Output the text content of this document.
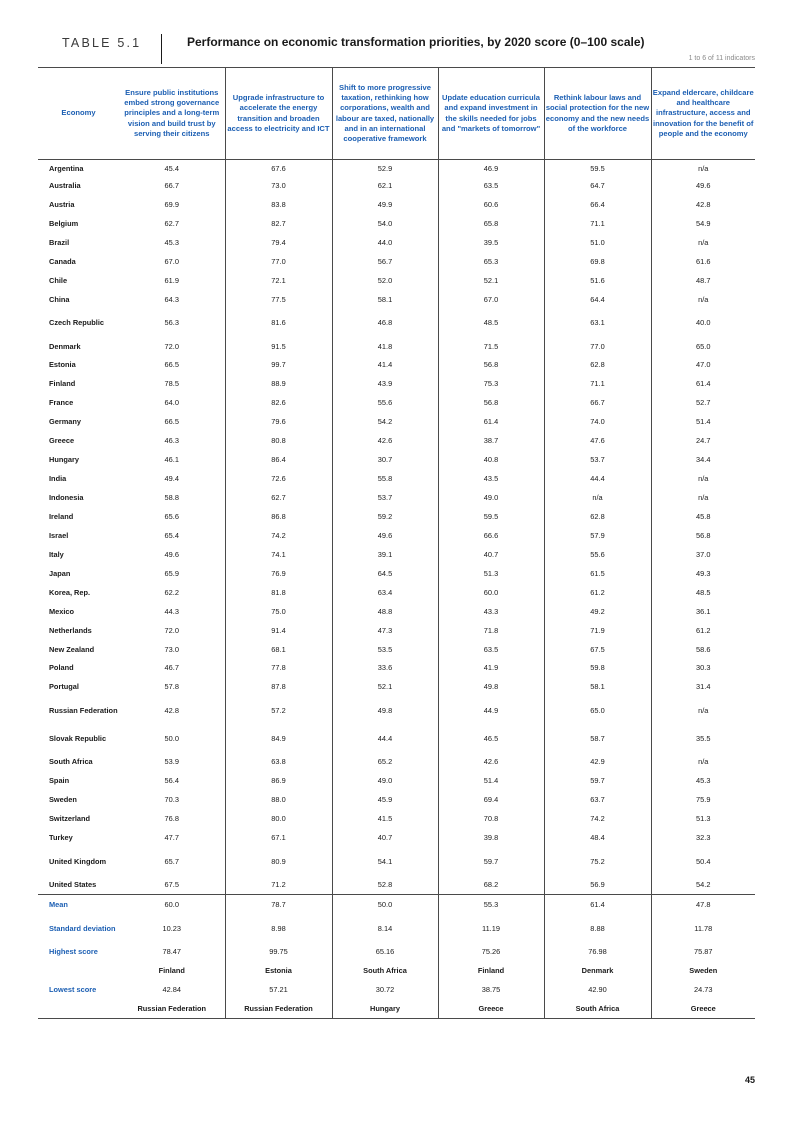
TABLE 5.1	Performance on economic transformation priorities, by 2020 score (0–100 scale)
1 to 6 of 11 indicators
Economy	Ensure public institutions embed strong governance principles and a long-term vision and build trust by serving their citizens	Upgrade infrastructure to accelerate the energy transition and broaden access to electricity and ICT	Shift to more progressive taxation, rethinking how corporations, wealth and labour are taxed, nationally and in an international cooperative framework	Update education curricula and expand investment in the skills needed for jobs and "markets of tomorrow"	Rethink labour laws and social protection for the new economy and the new needs of the workforce	Expand eldercare, childcare and healthcare infrastructure, access and innovation for the benefit of people and the economy
Argentina	45.4	67.6	52.9	46.9	59.5	n/a
Australia	66.7	73.0	62.1	63.5	64.7	49.6
Austria	69.9	83.8	49.9	60.6	66.4	42.8
Belgium	62.7	82.7	54.0	65.8	71.1	54.9
Brazil	45.3	79.4	44.0	39.5	51.0	n/a
Canada	67.0	77.0	56.7	65.3	69.8	61.6
Chile	61.9	72.1	52.0	52.1	51.6	48.7
China	64.3	77.5	58.1	67.0	64.4	n/a
Czech Republic	56.3	81.6	46.8	48.5	63.1	40.0
Denmark	72.0	91.5	41.8	71.5	77.0	65.0
Estonia	66.5	99.7	41.4	56.8	62.8	47.0
Finland	78.5	88.9	43.9	75.3	71.1	61.4
France	64.0	82.6	55.6	56.8	66.7	52.7
Germany	66.5	79.6	54.2	61.4	74.0	51.4
Greece	46.3	80.8	42.6	38.7	47.6	24.7
Hungary	46.1	86.4	30.7	40.8	53.7	34.4
India	49.4	72.6	55.8	43.5	44.4	n/a
Indonesia	58.8	62.7	53.7	49.0	n/a	n/a
Ireland	65.6	86.8	59.2	59.5	62.8	45.8
Israel	65.4	74.2	49.6	66.6	57.9	56.8
Italy	49.6	74.1	39.1	40.7	55.6	37.0
Japan	65.9	76.9	64.5	51.3	61.5	49.3
Korea, Rep.	62.2	81.8	63.4	60.0	61.2	48.5
Mexico	44.3	75.0	48.8	43.3	49.2	36.1
Netherlands	72.0	91.4	47.3	71.8	71.9	61.2
New Zealand	73.0	68.1	53.5	63.5	67.5	58.6
Poland	46.7	77.8	33.6	41.9	59.8	30.3
Portugal	57.8	87.8	52.1	49.8	58.1	31.4
Russian Federation	42.8	57.2	49.8	44.9	65.0	n/a
Slovak Republic	50.0	84.9	44.4	46.5	58.7	35.5
South Africa	53.9	63.8	65.2	42.6	42.9	n/a
Spain	56.4	86.9	49.0	51.4	59.7	45.3
Sweden	70.3	88.0	45.9	69.4	63.7	75.9
Switzerland	76.8	80.0	41.5	70.8	74.2	51.3
Turkey	47.7	67.1	40.7	39.8	48.4	32.3
United Kingdom	65.7	80.9	54.1	59.7	75.2	50.4
United States	67.5	71.2	52.8	68.2	56.9	54.2
Mean	60.0	78.7	50.0	55.3	61.4	47.8
Standard deviation	10.23	8.98	8.14	11.19	8.88	11.78
Highest score	78.47	99.75	65.16	75.26	76.98	75.87
	Finland	Estonia	South Africa	Finland	Denmark	Sweden
Lowest score	42.84	57.21	30.72	38.75	42.90	24.73
	Russian Federation	Russian Federation	Hungary	Greece	South Africa	Greece
45
